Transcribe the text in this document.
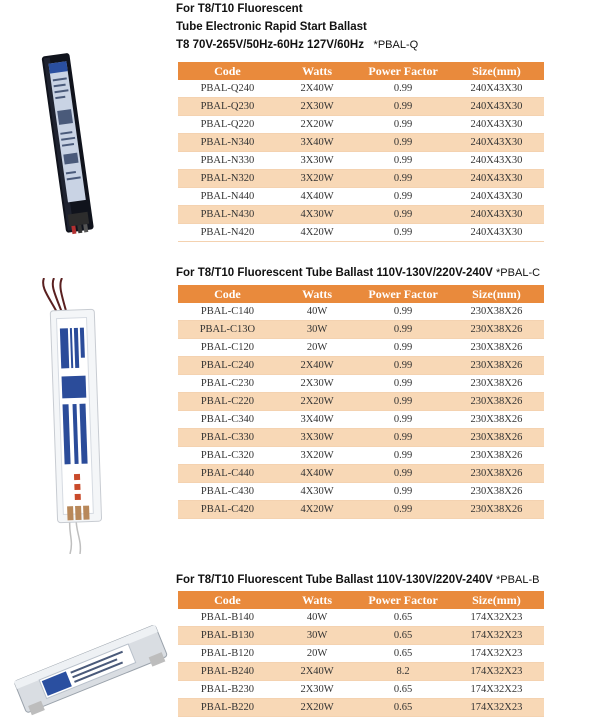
For T8/T10 Fluorescent
Tube Electronic Rapid Start Ballast
T8 70V-265V/50Hz-60Hz 127V/60Hz *PBAL-Q
Code	Watts	Power Factor	Size(mm)
PBAL-Q240	2X40W	0.99	240X43X30
PBAL-Q230	2X30W	0.99	240X43X30
PBAL-Q220	2X20W	0.99	240X43X30
PBAL-N340	3X40W	0.99	240X43X30
PBAL-N330	3X30W	0.99	240X43X30
PBAL-N320	3X20W	0.99	240X43X30
PBAL-N440	4X40W	0.99	240X43X30
PBAL-N430	4X30W	0.99	240X43X30
PBAL-N420	4X20W	0.99	240X43X30
For T8/T10 Fluorescent Tube Ballast 110V-130V/220V-240V *PBAL-C
Code	Watts	Power Factor	Size(mm)
PBAL-C140	40W	0.99	230X38X26
PBAL-C13O	30W	0.99	230X38X26
PBAL-C120	20W	0.99	230X38X26
PBAL-C240	2X40W	0.99	230X38X26
PBAL-C230	2X30W	0.99	230X38X26
PBAL-C220	2X20W	0.99	230X38X26
PBAL-C340	3X40W	0.99	230X38X26
PBAL-C330	3X30W	0.99	230X38X26
PBAL-C320	3X20W	0.99	230X38X26
PBAL-C440	4X40W	0.99	230X38X26
PBAL-C430	4X30W	0.99	230X38X26
PBAL-C420	4X20W	0.99	230X38X26
For T8/T10 Fluorescent Tube Ballast 110V-130V/220V-240V *PBAL-B
Code	Watts	Power Factor	Size(mm)
PBAL-B140	40W	0.65	174X32X23
PBAL-B130	30W	0.65	174X32X23
PBAL-B120	20W	0.65	174X32X23
PBAL-B240	2X40W	8.2	174X32X23
PBAL-B230	2X30W	0.65	174X32X23
PBAL-B220	2X20W	0.65	174X32X23
